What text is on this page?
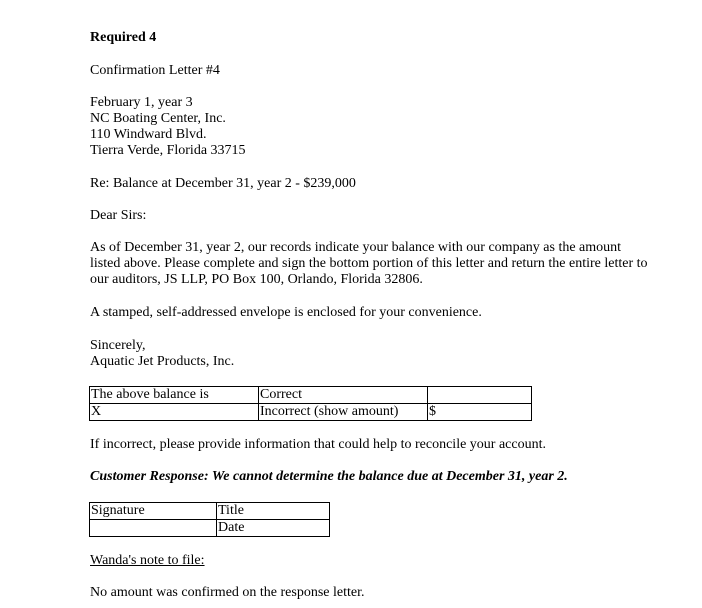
Required 4
Confirmation Letter #4
February 1, year 3
NC Boating Center, Inc.
110 Windward Blvd.
Tierra Verde, Florida 33715
Re: Balance at December 31, year 2 - $239,000
Dear Sirs:
As of December 31, year 2, our records indicate your balance with our company as the amount listed above. Please complete and sign the bottom portion of this letter and return the entire letter to our auditors, JS LLP, PO Box 100, Orlando, Florida 32806.
A stamped, self-addressed envelope is enclosed for your convenience.
Sincerely,
Aquatic Jet Products, Inc.
The above balance is	Correct	
X	Incorrect (show amount)	$
If incorrect, please provide information that could help to reconcile your account.
Customer Response: We cannot determine the balance due at December 31, year 2.
Signature	Title
	Date
Wanda's note to file:
No amount was confirmed on the response letter.
